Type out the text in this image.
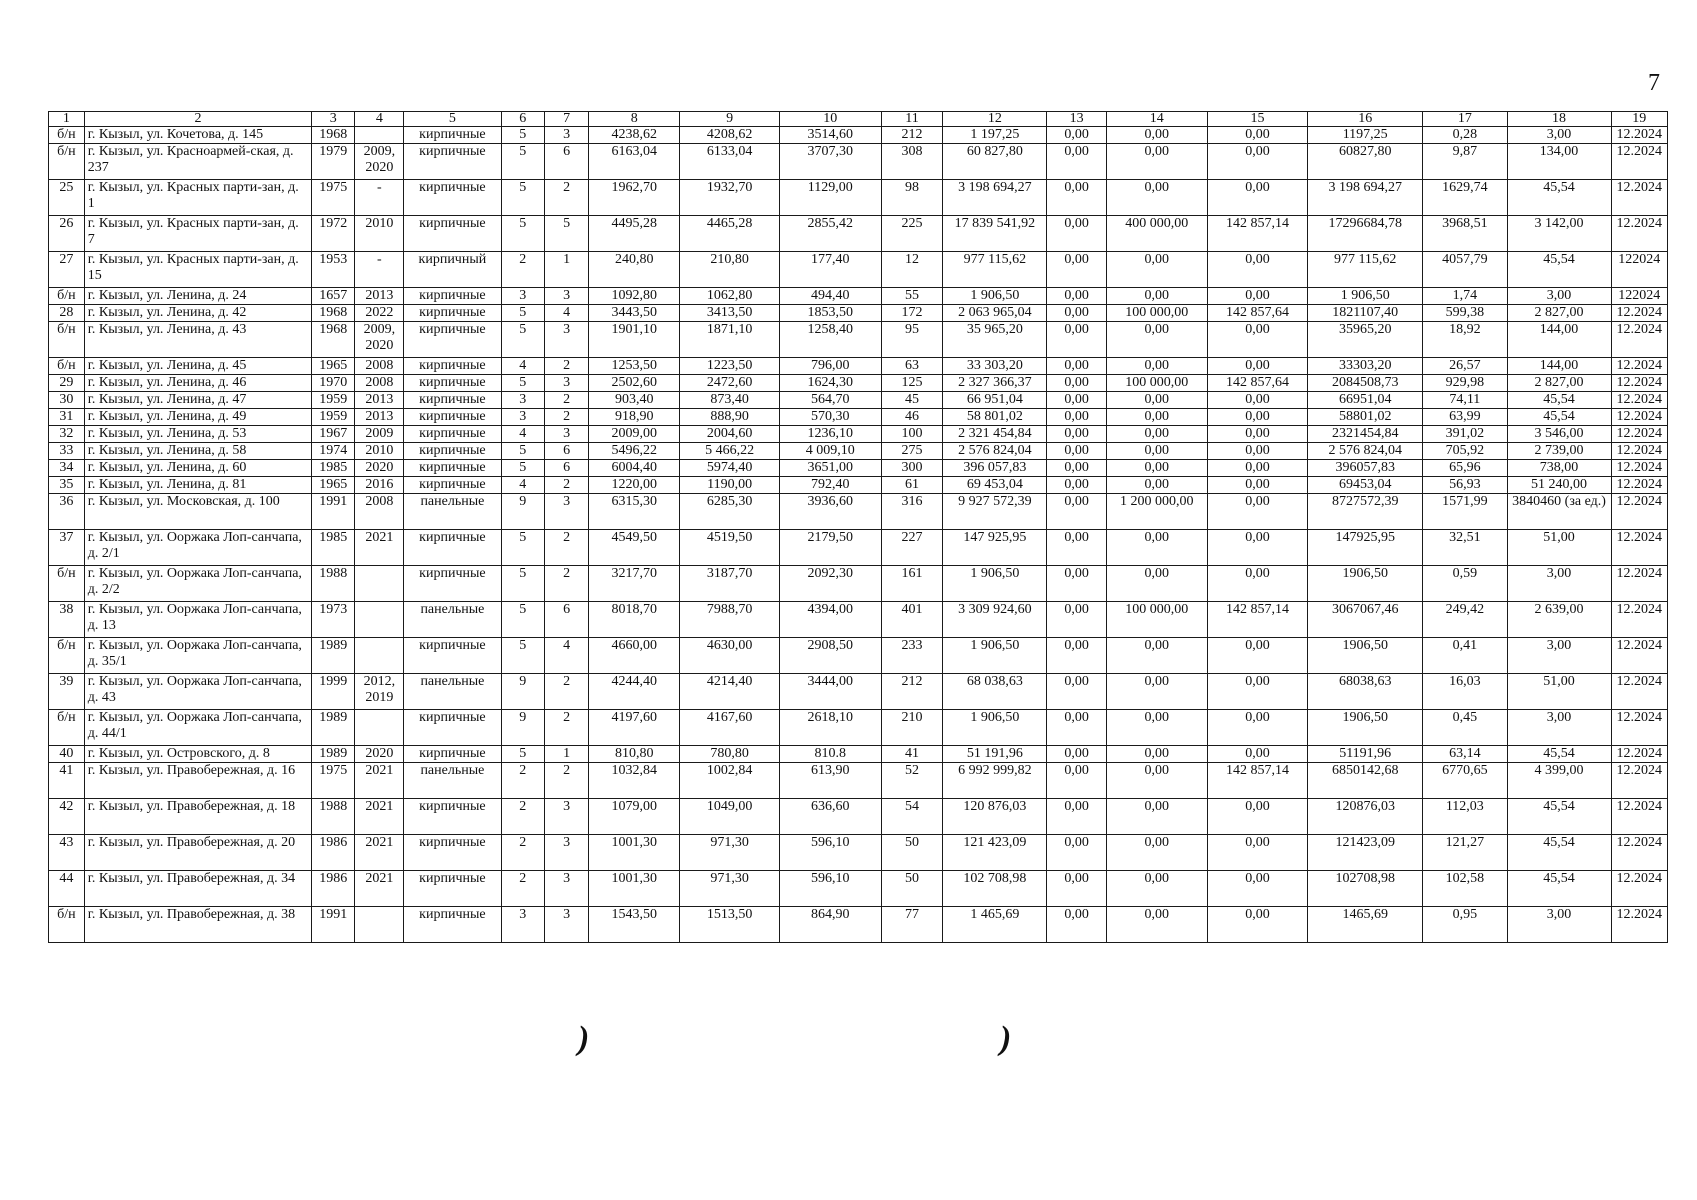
7
1	2	3	4	5	6	7	8	9	10	11	12	13	14	15	16	17	18	19
б/н	г. Кызыл, ул. Кочетова, д. 145	1968		кирпичные	5	3	4238,62	4208,62	3514,60	212	1 197,25	0,00	0,00	0,00	1197,25	0,28	3,00	12.2024
б/н	г. Кызыл, ул. Красноармей-ская, д. 237	1979	2009, 2020	кирпичные	5	6	6163,04	6133,04	3707,30	308	60 827,80	0,00	0,00	0,00	60827,80	9,87	134,00	12.2024
25	г. Кызыл, ул. Красных парти-зан, д. 1	1975	-	кирпичные	5	2	1962,70	1932,70	1129,00	98	3 198 694,27	0,00	0,00	0,00	3 198 694,27	1629,74	45,54	12.2024
26	г. Кызыл, ул. Красных парти-зан, д. 7	1972	2010	кирпичные	5	5	4495,28	4465,28	2855,42	225	17 839 541,92	0,00	400 000,00	142 857,14	17296684,78	3968,51	3 142,00	12.2024
27	г. Кызыл, ул. Красных парти-зан, д. 15	1953	-	кирпичный	2	1	240,80	210,80	177,40	12	977 115,62	0,00	0,00	0,00	977 115,62	4057,79	45,54	122024
б/н	г. Кызыл, ул. Ленина, д. 24	1657	2013	кирпичные	3	3	1092,80	1062,80	494,40	55	1 906,50	0,00	0,00	0,00	1 906,50	1,74	3,00	122024
28	г. Кызыл, ул. Ленина, д. 42	1968	2022	кирпичные	5	4	3443,50	3413,50	1853,50	172	2 063 965,04	0,00	100 000,00	142 857,64	1821107,40	599,38	2 827,00	12.2024
б/н	г. Кызыл, ул. Ленина, д. 43	1968	2009, 2020	кирпичные	5	3	1901,10	1871,10	1258,40	95	35 965,20	0,00	0,00	0,00	35965,20	18,92	144,00	12.2024
б/н	г. Кызыл, ул. Ленина, д. 45	1965	2008	кирпичные	4	2	1253,50	1223,50	796,00	63	33 303,20	0,00	0,00	0,00	33303,20	26,57	144,00	12.2024
29	г. Кызыл, ул. Ленина, д. 46	1970	2008	кирпичные	5	3	2502,60	2472,60	1624,30	125	2 327 366,37	0,00	100 000,00	142 857,64	2084508,73	929,98	2 827,00	12.2024
30	г. Кызыл, ул. Ленина, д. 47	1959	2013	кирпичные	3	2	903,40	873,40	564,70	45	66 951,04	0,00	0,00	0,00	66951,04	74,11	45,54	12.2024
31	г. Кызыл, ул. Ленина, д. 49	1959	2013	кирпичные	3	2	918,90	888,90	570,30	46	58 801,02	0,00	0,00	0,00	58801,02	63,99	45,54	12.2024
32	г. Кызыл, ул. Ленина, д. 53	1967	2009	кирпичные	4	3	2009,00	2004,60	1236,10	100	2 321 454,84	0,00	0,00	0,00	2321454,84	391,02	3 546,00	12.2024
33	г. Кызыл, ул. Ленина, д. 58	1974	2010	кирпичные	5	6	5496,22	5 466,22	4 009,10	275	2 576 824,04	0,00	0,00	0,00	2 576 824,04	705,92	2 739,00	12.2024
34	г. Кызыл, ул. Ленина, д. 60	1985	2020	кирпичные	5	6	6004,40	5974,40	3651,00	300	396 057,83	0,00	0,00	0,00	396057,83	65,96	738,00	12.2024
35	г. Кызыл, ул. Ленина, д. 81	1965	2016	кирпичные	4	2	1220,00	1190,00	792,40	61	69 453,04	0,00	0,00	0,00	69453,04	56,93	51 240,00	12.2024
36	г. Кызыл, ул. Московская, д. 100	1991	2008	панельные	9	3	6315,30	6285,30	3936,60	316	9 927 572,39	0,00	1 200 000,00	0,00	8727572,39	1571,99	3840460 (за ед.)	12.2024
37	г. Кызыл, ул. Ооржака Лоп-санчапа, д. 2/1	1985	2021	кирпичные	5	2	4549,50	4519,50	2179,50	227	147 925,95	0,00	0,00	0,00	147925,95	32,51	51,00	12.2024
б/н	г. Кызыл, ул. Ооржака Лоп-санчапа, д. 2/2	1988		кирпичные	5	2	3217,70	3187,70	2092,30	161	1 906,50	0,00	0,00	0,00	1906,50	0,59	3,00	12.2024
38	г. Кызыл, ул. Ооржака Лоп-санчапа, д. 13	1973		панельные	5	6	8018,70	7988,70	4394,00	401	3 309 924,60	0,00	100 000,00	142 857,14	3067067,46	249,42	2 639,00	12.2024
б/н	г. Кызыл, ул. Ооржака Лоп-санчапа, д. 35/1	1989		кирпичные	5	4	4660,00	4630,00	2908,50	233	1 906,50	0,00	0,00	0,00	1906,50	0,41	3,00	12.2024
39	г. Кызыл, ул. Ооржака Лоп-санчапа, д. 43	1999	2012, 2019	панельные	9	2	4244,40	4214,40	3444,00	212	68 038,63	0,00	0,00	0,00	68038,63	16,03	51,00	12.2024
б/н	г. Кызыл, ул. Ооржака Лоп-санчапа, д. 44/1	1989		кирпичные	9	2	4197,60	4167,60	2618,10	210	1 906,50	0,00	0,00	0,00	1906,50	0,45	3,00	12.2024
40	г. Кызыл, ул. Островского, д. 8	1989	2020	кирпичные	5	1	810,80	780,80	810.8	41	51 191,96	0,00	0,00	0,00	51191,96	63,14	45,54	12.2024
41	г. Кызыл, ул. Правобережная, д. 16	1975	2021	панельные	2	2	1032,84	1002,84	613,90	52	6 992 999,82	0,00	0,00	142 857,14	6850142,68	6770,65	4 399,00	12.2024
42	г. Кызыл, ул. Правобережная, д. 18	1988	2021	кирпичные	2	3	1079,00	1049,00	636,60	54	120 876,03	0,00	0,00	0,00	120876,03	112,03	45,54	12.2024
43	г. Кызыл, ул. Правобережная, д. 20	1986	2021	кирпичные	2	3	1001,30	971,30	596,10	50	121 423,09	0,00	0,00	0,00	121423,09	121,27	45,54	12.2024
44	г. Кызыл, ул. Правобережная, д. 34	1986	2021	кирпичные	2	3	1001,30	971,30	596,10	50	102 708,98	0,00	0,00	0,00	102708,98	102,58	45,54	12.2024
б/н	г. Кызыл, ул. Правобережная, д. 38	1991		кирпичные	3	3	1543,50	1513,50	864,90	77	1 465,69	0,00	0,00	0,00	1465,69	0,95	3,00	12.2024
)	)
